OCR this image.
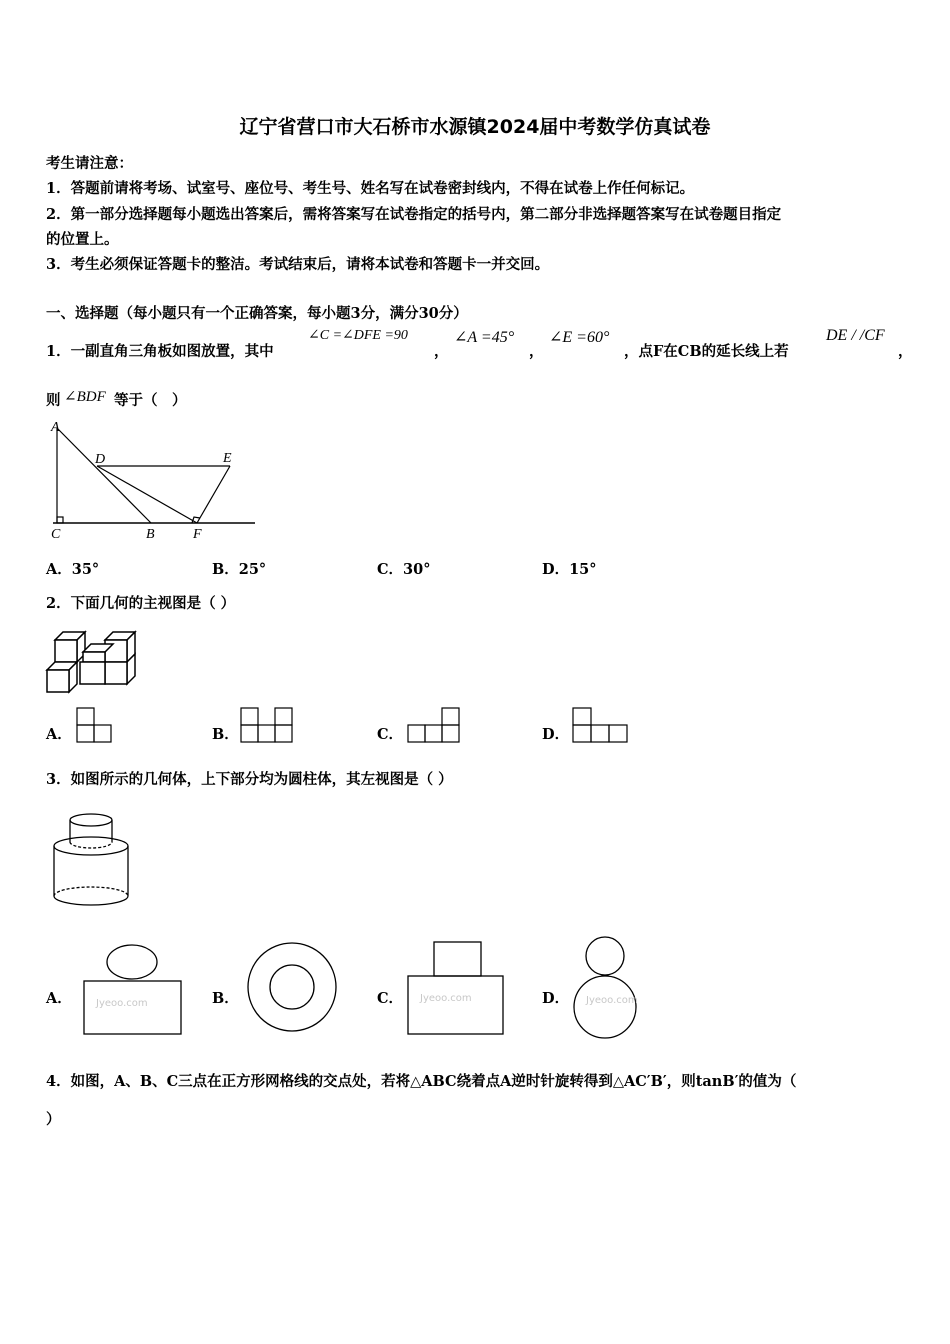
辽宁省营口市大石桥市水源镇2024届中考数学仿真试卷
考生请注意：
1．答题前请将考场、试室号、座位号、考生号、姓名写在试卷密封线内，不得在试卷上作任何标记。
2．第一部分选择题每小题选出答案后，需将答案写在试卷指定的括号内，第二部分非选择题答案写在试卷题目指定
的位置上。
3．考生必须保证答题卡的整洁。考试结束后，请将本试卷和答题卡一并交回。
一、选择题（每小题只有一个正确答案，每小题3分，满分30分）
1．一副直角三角板如图放置，其中
∠C =∠DFE =90
，
∠A =45°
，
∠E =60°
，点F在CB的延长线上若
DE / /CF
，
则 ∠BDF 等于（　）
A
D	E
C	B	F
A．35°	B．25°	C．30°	D．15°
2．下面几何的主视图是（ ）
A．	B．	C．	D．
3．如图所示的几何体，上下部分均为圆柱体，其左视图是（ ）
A． Jyeoo.com	B．	C． Jyeoo.com	D． Jyeoo.com
4．如图，A、B、C三点在正方形网格线的交点处，若将△ABC绕着点A逆时针旋转得到△AC′B′，则tanB′的值为（
）
